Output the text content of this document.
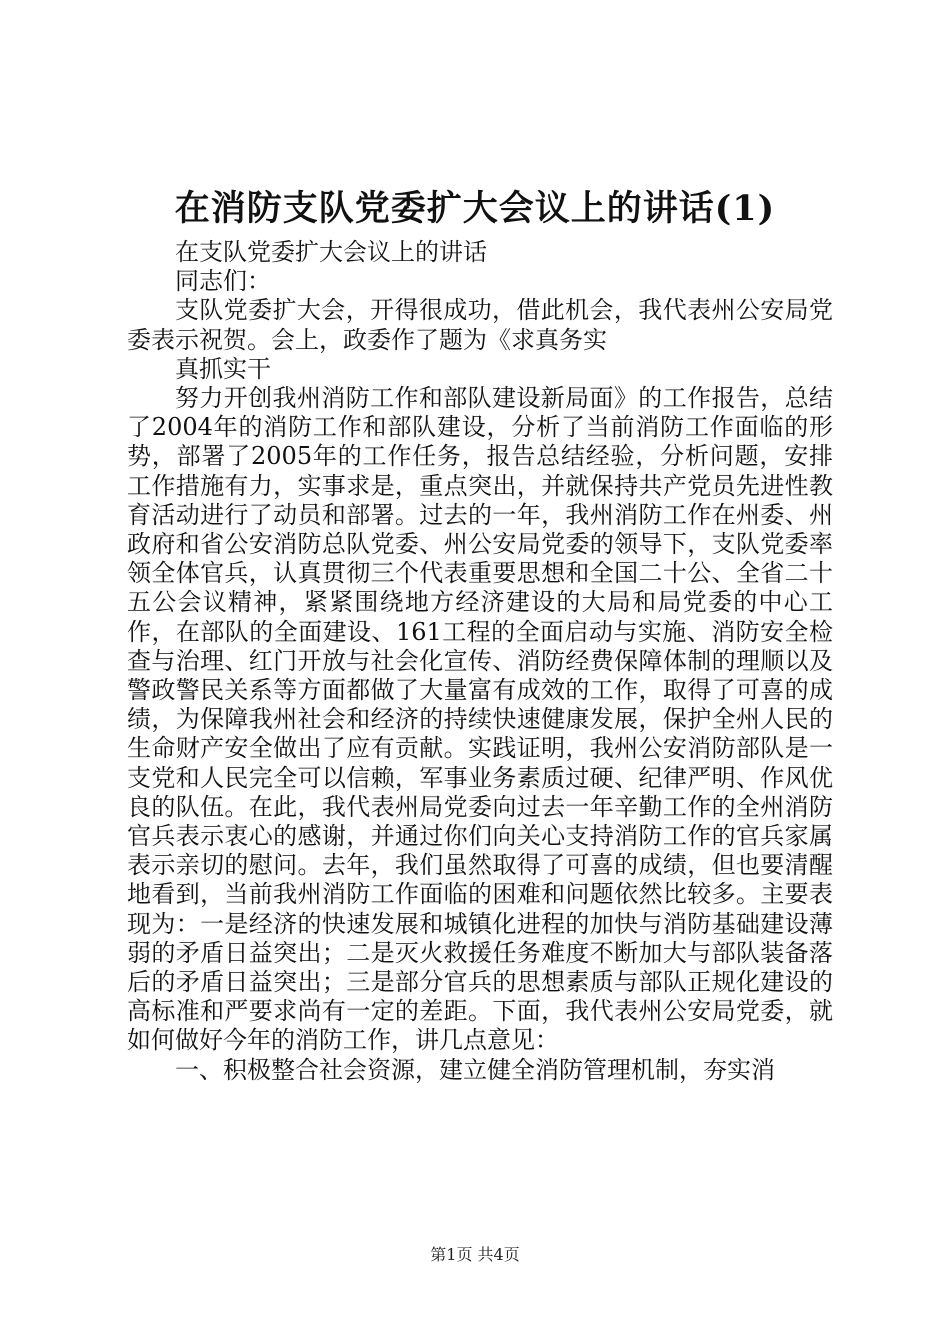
在消防支队党委扩大会议上的讲话(1)

在支队党委扩大会议上的讲话

同志们：

支队党委扩大会，开得很成功，借此机会，我代表州公安局党委表示祝贺。会上，政委作了题为《求真务实

真抓实干

努力开创我州消防工作和部队建设新局面》的工作报告，总结了2004年的消防工作和部队建设，分析了当前消防工作面临的形势，部署了2005年的工作任务，报告总结经验，分析问题，安排工作措施有力，实事求是，重点突出，并就保持共产党员先进性教育活动进行了动员和部署。过去的一年，我州消防工作在州委、州政府和省公安消防总队党委、州公安局党委的领导下，支队党委率领全体官兵，认真贯彻三个代表重要思想和全国二十公、全省二十五公会议精神，紧紧围绕地方经济建设的大局和局党委的中心工作，在部队的全面建设、161工程的全面启动与实施、消防安全检查与治理、红门开放与社会化宣传、消防经费保障体制的理顺以及警政警民关系等方面都做了大量富有成效的工作，取得了可喜的成绩，为保障我州社会和经济的持续快速健康发展，保护全州人民的生命财产安全做出了应有贡献。实践证明，我州公安消防部队是一支党和人民完全可以信赖，军事业务素质过硬、纪律严明、作风优良的队伍。在此，我代表州局党委向过去一年辛勤工作的全州消防官兵表示衷心的感谢，并通过你们向关心支持消防工作的官兵家属表示亲切的慰问。去年，我们虽然取得了可喜的成绩，但也要清醒地看到，当前我州消防工作面临的困难和问题依然比较多。主要表现为：一是经济的快速发展和城镇化进程的加快与消防基础建设薄弱的矛盾日益突出；二是灭火救援任务难度不断加大与部队装备落后的矛盾日益突出；三是部分官兵的思想素质与部队正规化建设的高标准和严要求尚有一定的差距。下面，我代表州公安局党委，就如何做好今年的消防工作，讲几点意见：

一、积极整合社会资源，建立健全消防管理机制，夯实消

第1页 共4页
